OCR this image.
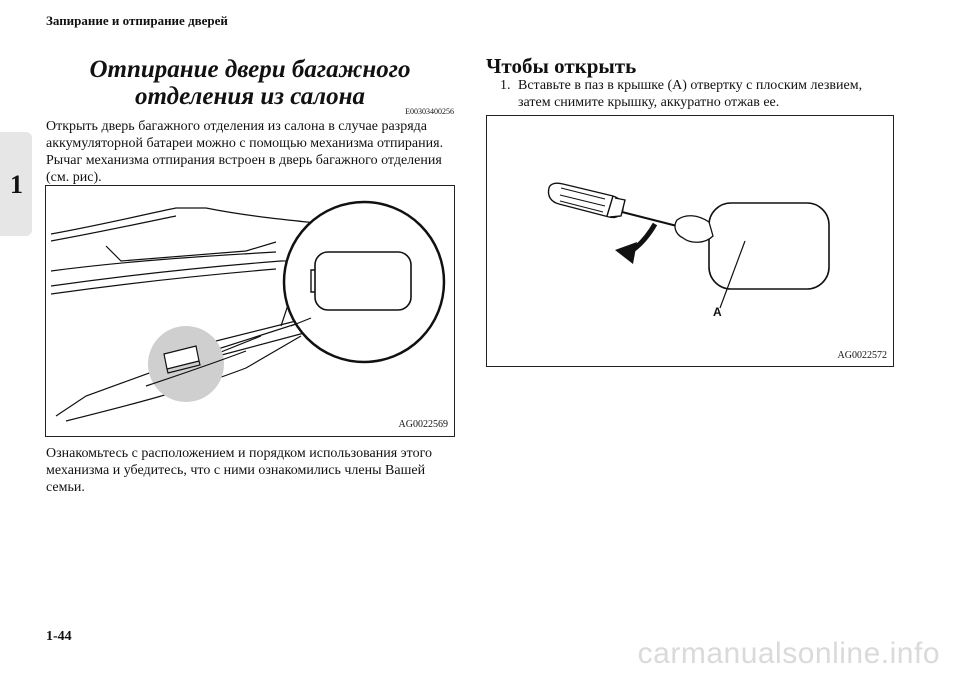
Запирание и отпирание дверей
1
Отпирание двери багажного отделения из салона
E00303400256
Открыть дверь багажного отделения из салона в случае разряда аккумуляторной батареи можно с помощью механизма отпирания. Рычаг механизма отпирания встроен в дверь багажного отделения (см. рис).
AG0022569
Ознакомьтесь с расположением и порядком использования этого механизма и убедитесь, что с ними ознакомились члены Вашей семьи.
Чтобы открыть
1. Вставьте в паз в крышке (A) отвертку с плоским лезвием, затем снимите крышку, аккуратно отжав ее.
A
AG0022572
1-44
carmanualsonline.info
